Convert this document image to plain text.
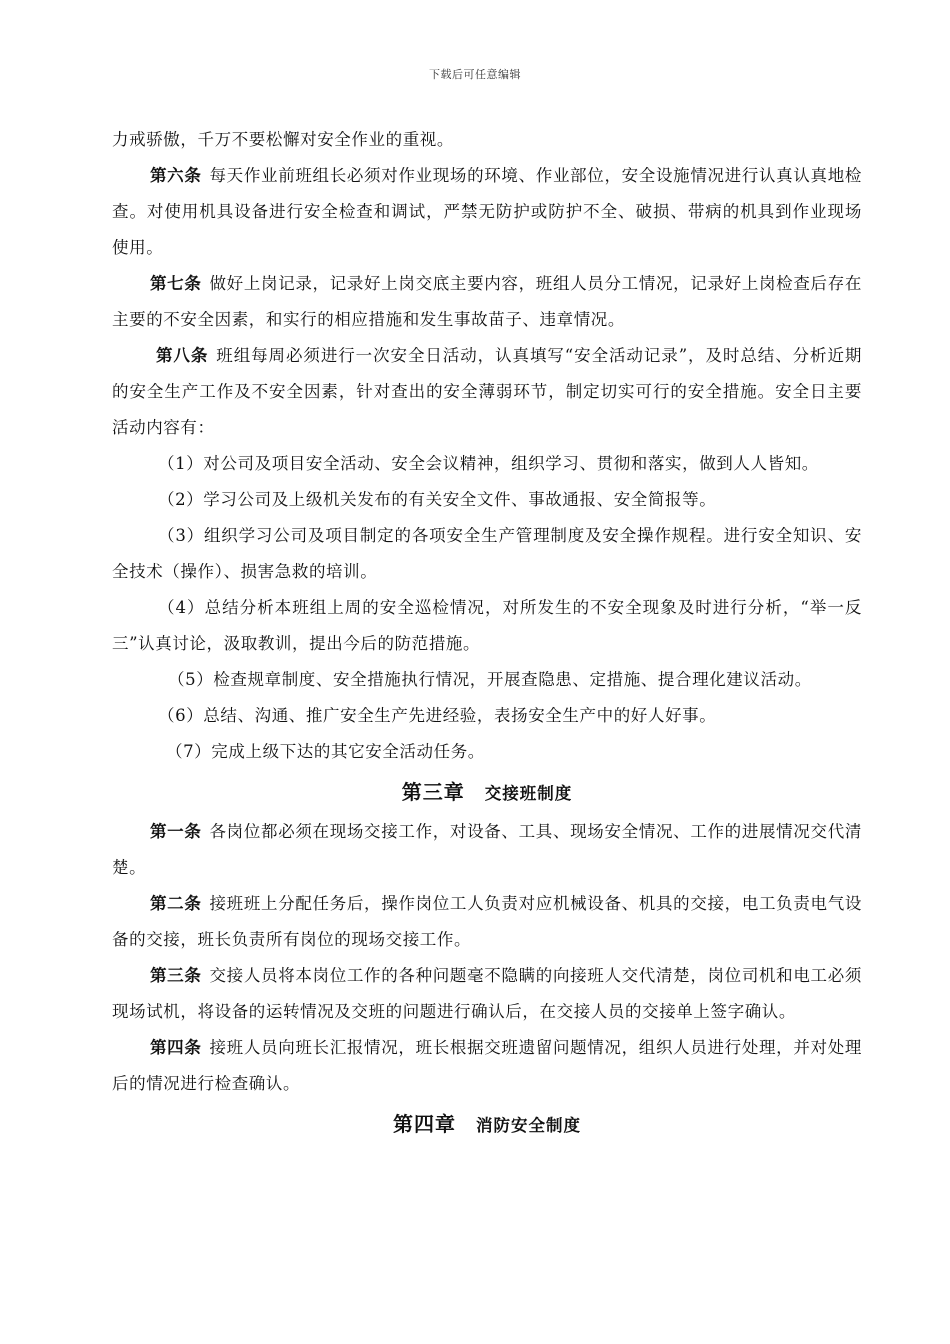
下载后可任意编辑

力戒骄傲，千万不要松懈对安全作业的重视。

第六条 每天作业前班组长必须对作业现场的环境、作业部位，安全设施情况进行认真认真地检查。对使用机具设备进行安全检查和调试，严禁无防护或防护不全、破损、带病的机具到作业现场使用。

第七条 做好上岗记录，记录好上岗交底主要内容，班组人员分工情况，记录好上岗检查后存在主要的不安全因素，和实行的相应措施和发生事故苗子、违章情况。

第八条 班组每周必须进行一次安全日活动，认真填写“安全活动记录”，及时总结、分析近期的安全生产工作及不安全因素，针对查出的安全薄弱环节，制定切实可行的安全措施。安全日主要活动内容有：

（1）对公司及项目安全活动、安全会议精神，组织学习、贯彻和落实，做到人人皆知。

（2）学习公司及上级机关发布的有关安全文件、事故通报、安全简报等。

（3）组织学习公司及项目制定的各项安全生产管理制度及安全操作规程。进行安全知识、安全技术（操作）、损害急救的培训。

（4）总结分析本班组上周的安全巡检情况，对所发生的不安全现象及时进行分析，“举一反三”认真讨论，汲取教训，提出今后的防范措施。

（5）检查规章制度、安全措施执行情况，开展查隐患、定措施、提合理化建议活动。

（6）总结、沟通、推广安全生产先进经验，表扬安全生产中的好人好事。

（7）完成上级下达的其它安全活动任务。

第三章 交接班制度

第一条 各岗位都必须在现场交接工作，对设备、工具、现场安全情况、工作的进展情况交代清楚。

第二条 接班班上分配任务后，操作岗位工人负责对应机械设备、机具的交接，电工负责电气设备的交接，班长负责所有岗位的现场交接工作。

第三条 交接人员将本岗位工作的各种问题毫不隐瞒的向接班人交代清楚，岗位司机和电工必须现场试机，将设备的运转情况及交班的问题进行确认后，在交接人员的交接单上签字确认。

第四条 接班人员向班长汇报情况，班长根据交班遗留问题情况，组织人员进行处理，并对处理后的情况进行检查确认。

第四章 消防安全制度
